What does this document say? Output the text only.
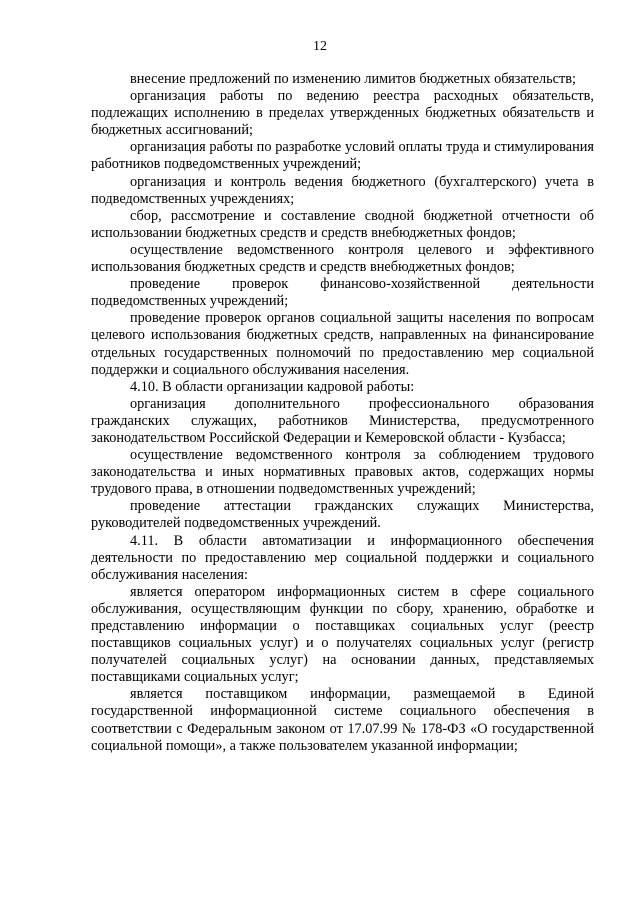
12

внесение предложений по изменению лимитов бюджетных обязательств;

организация работы по ведению реестра расходных обязательств, подлежащих исполнению в пределах утвержденных бюджетных обязательств и бюджетных ассигнований;

организация работы по разработке условий оплаты труда и стимулирования работников подведомственных учреждений;

организация и контроль ведения бюджетного (бухгалтерского) учета в подведомственных учреждениях;

сбор, рассмотрение и составление сводной бюджетной отчетности об использовании бюджетных средств и средств внебюджетных фондов;

осуществление ведомственного контроля целевого и эффективного использования бюджетных средств и средств внебюджетных фондов;

проведение проверок финансово-хозяйственной деятельности подведомственных учреждений;

проведение проверок органов социальной защиты населения по вопросам целевого использования бюджетных средств, направленных на финансирование отдельных государственных полномочий по предоставлению мер социальной поддержки и социального обслуживания населения.

4.10. В области организации кадровой работы:

организация дополнительного профессионального образования гражданских служащих, работников Министерства, предусмотренного законодательством Российской Федерации и Кемеровской области - Кузбасса;

осуществление ведомственного контроля за соблюдением трудового законодательства и иных нормативных правовых актов, содержащих нормы трудового права, в отношении подведомственных учреждений;

проведение аттестации гражданских служащих Министерства, руководителей подведомственных учреждений.

4.11. В области автоматизации и информационного обеспечения деятельности по предоставлению мер социальной поддержки и социального обслуживания населения:

является оператором информационных систем в сфере социального обслуживания, осуществляющим функции по сбору, хранению, обработке и представлению информации о поставщиках социальных услуг (реестр поставщиков социальных услуг) и о получателях социальных услуг (регистр получателей социальных услуг) на основании данных, представляемых поставщиками социальных услуг;

является поставщиком информации, размещаемой в Единой государственной информационной системе социального обеспечения в соответствии с Федеральным законом от 17.07.99 № 178-ФЗ «О государственной социальной помощи», а также пользователем указанной информации;
